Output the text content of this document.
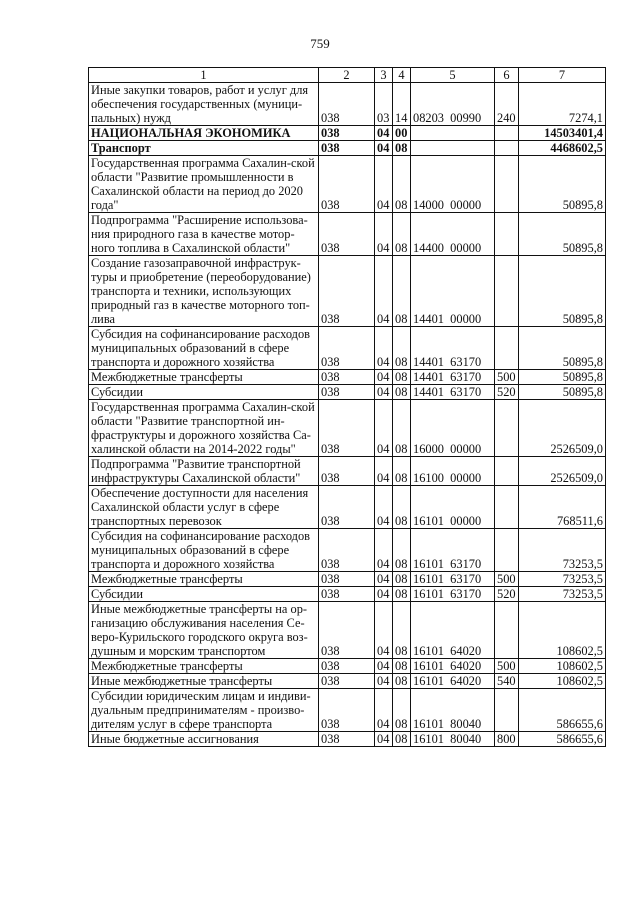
759
1	2	3	4	5	6	7
Иные закупки товаров, работ и услуг для обеспечения государственных (муници-пальных) нужд	038	03	14	08203  00990	240	7274,1
НАЦИОНАЛЬНАЯ ЭКОНОМИКА	038	04	00			14503401,4
Транспорт	038	04	08			4468602,5
Государственная программа Сахалин-ской области "Развитие промышленности в Сахалинской области на период до 2020 года"	038	04	08	14000  00000		50895,8
Подпрограмма "Расширение использова-ния природного газа в качестве мотор-ного топлива в Сахалинской области"	038	04	08	14400  00000		50895,8
Создание газозаправочной инфраструк-туры и приобретение (переоборудование) транспорта и техники, использующих природный газ в качестве моторного топ-лива	038	04	08	14401  00000		50895,8
Субсидия на софинансирование расходов муниципальных образований в сфере транспорта и дорожного хозяйства	038	04	08	14401  63170		50895,8
Межбюджетные трансферты	038	04	08	14401  63170	500	50895,8
Субсидии	038	04	08	14401  63170	520	50895,8
Государственная программа Сахалин-ской области "Развитие транспортной ин-фраструктуры и дорожного хозяйства Са-халинской области на 2014-2022 годы"	038	04	08	16000  00000		2526509,0
Подпрограмма "Развитие транспортной инфраструктуры Сахалинской области"	038	04	08	16100  00000		2526509,0
Обеспечение доступности для населения Сахалинской области услуг в сфере транспортных перевозок	038	04	08	16101  00000		768511,6
Субсидия на софинансирование расходов муниципальных образований в сфере транспорта и дорожного хозяйства	038	04	08	16101  63170		73253,5
Межбюджетные трансферты	038	04	08	16101  63170	500	73253,5
Субсидии	038	04	08	16101  63170	520	73253,5
Иные межбюджетные трансферты на ор-ганизацию обслуживания населения Се-веро-Курильского городского округа воз-душным и морским транспортом	038	04	08	16101  64020		108602,5
Межбюджетные трансферты	038	04	08	16101  64020	500	108602,5
Иные межбюджетные трансферты	038	04	08	16101  64020	540	108602,5
Субсидии юридическим лицам и индиви-дуальным предпринимателям - произво-дителям услуг в сфере транспорта	038	04	08	16101  80040		586655,6
Иные бюджетные ассигнования	038	04	08	16101  80040	800	586655,6
